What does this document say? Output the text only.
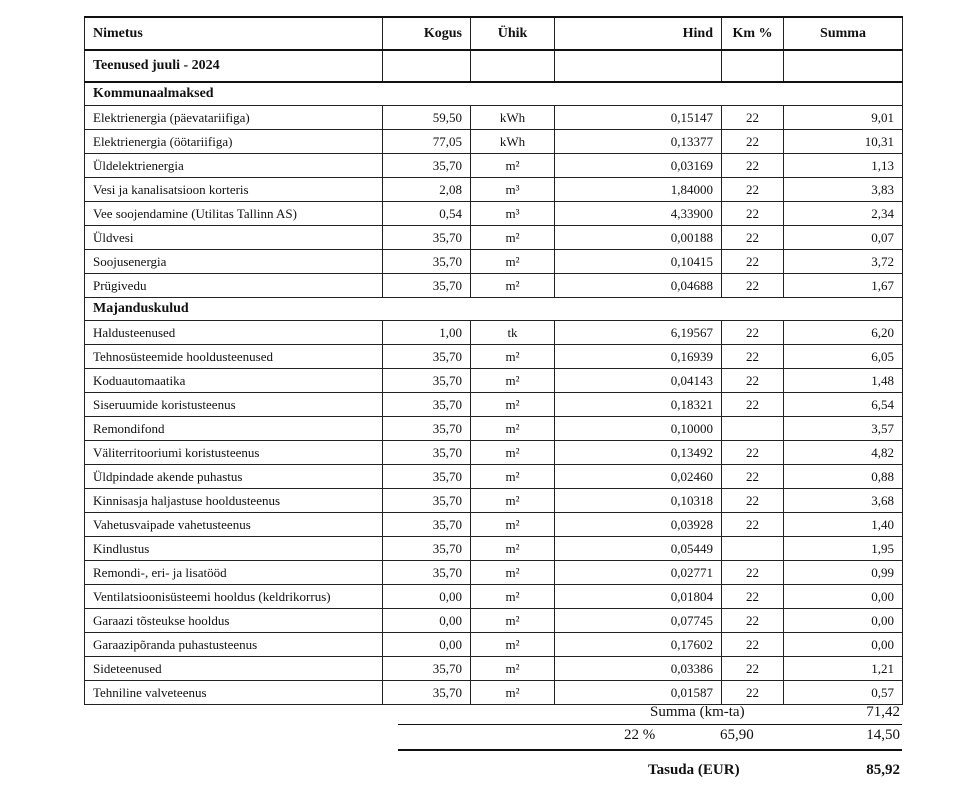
Nimetus	Kogus	Ühik	Hind	Km %	Summa
Teenused juuli - 2024					
Kommunaalmaksed					
Elektrienergia (päevatariifiga)	59,50	kWh	0,15147	22	9,01
Elektrienergia (öötariifiga)	77,05	kWh	0,13377	22	10,31
Üldelektrienergia	35,70	m²	0,03169	22	1,13
Vesi ja kanalisatsioon korteris	2,08	m³	1,84000	22	3,83
Vee soojendamine (Utilitas Tallinn AS)	0,54	m³	4,33900	22	2,34
Üldvesi	35,70	m²	0,00188	22	0,07
Soojusenergia	35,70	m²	0,10415	22	3,72
Prügivedu	35,70	m²	0,04688	22	1,67
Majanduskulud					
Haldusteenused	1,00	tk	6,19567	22	6,20
Tehnosüsteemide hooldusteenused	35,70	m²	0,16939	22	6,05
Koduautomaatika	35,70	m²	0,04143	22	1,48
Siseruumide koristusteenus	35,70	m²	0,18321	22	6,54
Remondifond	35,70	m²	0,10000		3,57
Väliterritooriumi koristusteenus	35,70	m²	0,13492	22	4,82
Üldpindade akende puhastus	35,70	m²	0,02460	22	0,88
Kinnisasja haljastuse hooldusteenus	35,70	m²	0,10318	22	3,68
Vahetusvaipade vahetusteenus	35,70	m²	0,03928	22	1,40
Kindlustus	35,70	m²	0,05449		1,95
Remondi-, eri- ja lisatööd	35,70	m²	0,02771	22	0,99
Ventilatsioonisüsteemi hooldus (keldrikorrus)	0,00	m²	0,01804	22	0,00
Garaazi tõsteukse hooldus	0,00	m²	0,07745	22	0,00
Garaazipõranda puhastusteenus	0,00	m²	0,17602	22	0,00
Sideteenused	35,70	m²	0,03386	22	1,21
Tehniline valveteenus	35,70	m²	0,01587	22	0,57
Summa (km-ta)	71,42
22 %	65,90	14,50
Tasuda (EUR)	85,92
